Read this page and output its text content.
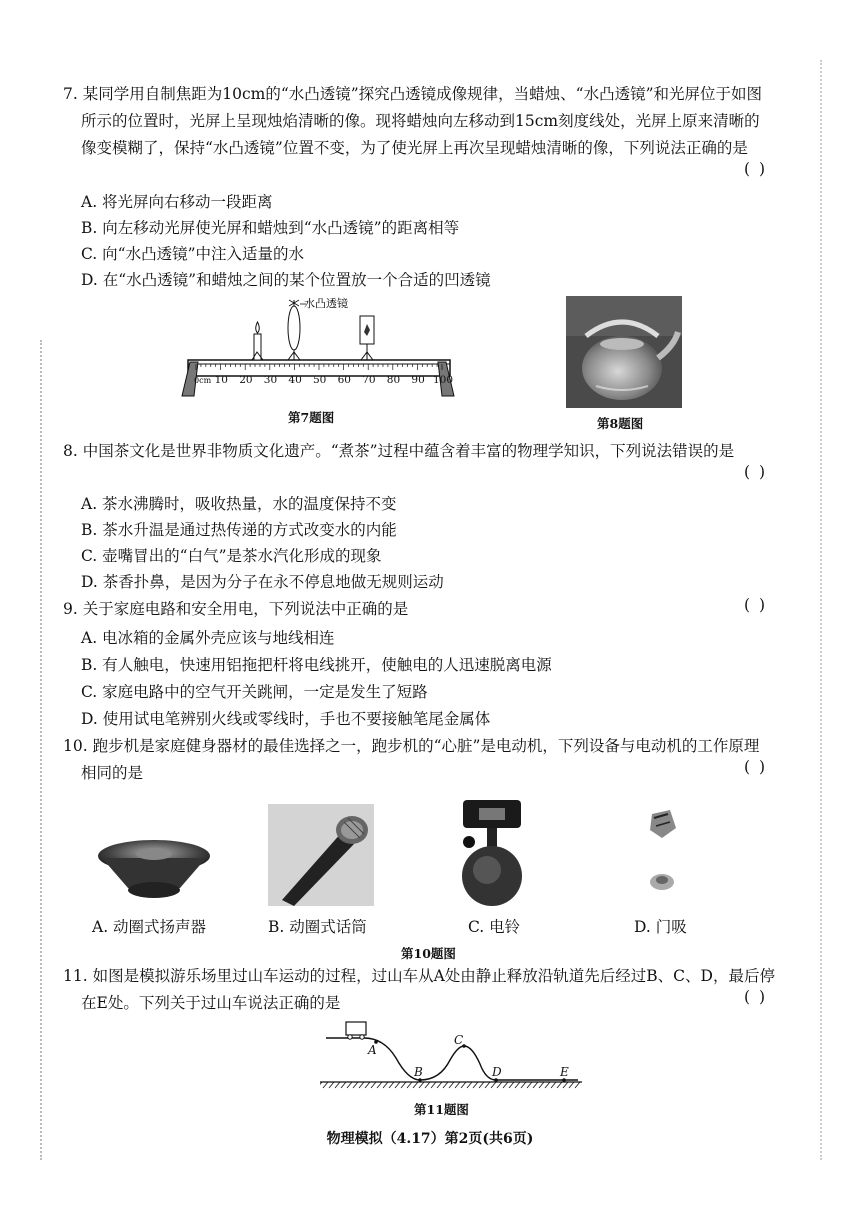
7. 某同学用自制焦距为10cm的“水凸透镜”探究凸透镜成像规律，当蜡烛、“水凸透镜”和光屏位于如图
所示的位置时，光屏上呈现烛焰清晰的像。现将蜡烛向左移动到15cm刻度线处，光屏上原来清晰的
像变模糊了，保持“水凸透镜”位置不变，为了使光屏上再次呈现蜡烛清晰的像，下列说法正确的是
( )
A. 将光屏向右移动一段距离
B. 向左移动光屏使光屏和蜡烛到“水凸透镜”的距离相等
C. 向“水凸透镜”中注入适量的水
D. 在“水凸透镜”和蜡烛之间的某个位置放一个合适的凹透镜
水凸透镜
0cm 10 20 30 40 50 60 70 80 90 100
第7题图	第8题图
8. 中国茶文化是世界非物质文化遗产。“煮茶”过程中蕴含着丰富的物理学知识，下列说法错误的是
( )
A. 茶水沸腾时，吸收热量，水的温度保持不变
B. 茶水升温是通过热传递的方式改变水的内能
C. 壶嘴冒出的“白气”是茶水汽化形成的现象
D. 茶香扑鼻，是因为分子在永不停息地做无规则运动
9. 关于家庭电路和安全用电，下列说法中正确的是	( )
A. 电冰箱的金属外壳应该与地线相连
B. 有人触电，快速用铝拖把杆将电线挑开，使触电的人迅速脱离电源
C. 家庭电路中的空气开关跳闸，一定是发生了短路
D. 使用试电笔辨别火线或零线时，手也不要接触笔尾金属体
10. 跑步机是家庭健身器材的最佳选择之一，跑步机的“心脏”是电动机，下列设备与电动机的工作原理
相同的是	( )
A. 动圈式扬声器	B. 动圈式话筒	C. 电铃	D. 门吸
第10题图
11. 如图是模拟游乐场里过山车运动的过程，过山车从A处由静止释放沿轨道先后经过B、C、D，最后停
在E处。下列关于过山车说法正确的是	( )
A
B
C
D	E
第11题图
物理模拟（4.17）第2页(共6页)
